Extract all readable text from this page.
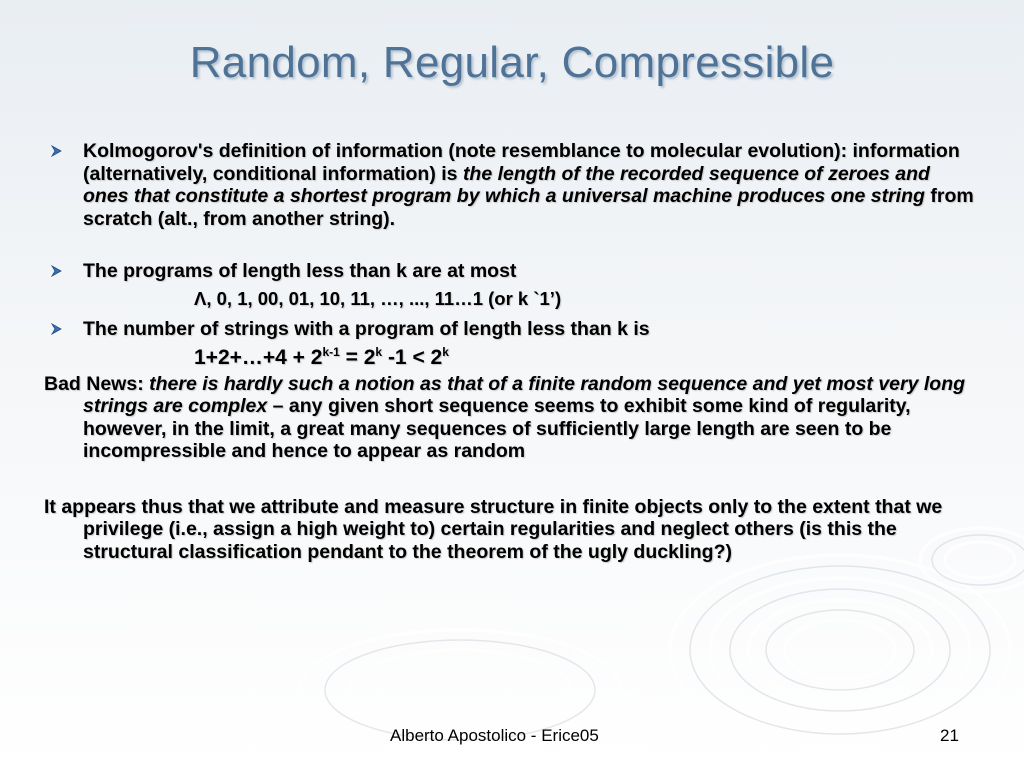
Random, Regular, Compressible
Kolmogorov's definition of information (note resemblance to molecular evolution): information (alternatively, conditional information) is the length of the recorded sequence of zeroes and ones that constitute a shortest program by which a universal machine produces one string from scratch (alt., from another string).
The programs of length less than k are at most
Λ, 0, 1, 00, 01, 10, 11, …, ..., 11…1 (or k `1’)
The number of strings with a program of length less than k is
1+2+…+4 + $2^{k-1} = 2^k$ $-1 < 2^k$
Bad News: there is hardly such a notion as that of a finite random sequence and yet most very long strings are complex – any given short sequence seems to exhibit some kind of regularity, however, in the limit, a great many sequences of sufficiently large length are seen to be incompressible and hence to appear as random
It appears thus that we attribute and measure structure in finite objects only to the extent that we privilege (i.e., assign a high weight to) certain regularities and neglect others (is this the structural classification pendant to the theorem of the ugly duckling?)
Alberto Apostolico - Erice05	21
